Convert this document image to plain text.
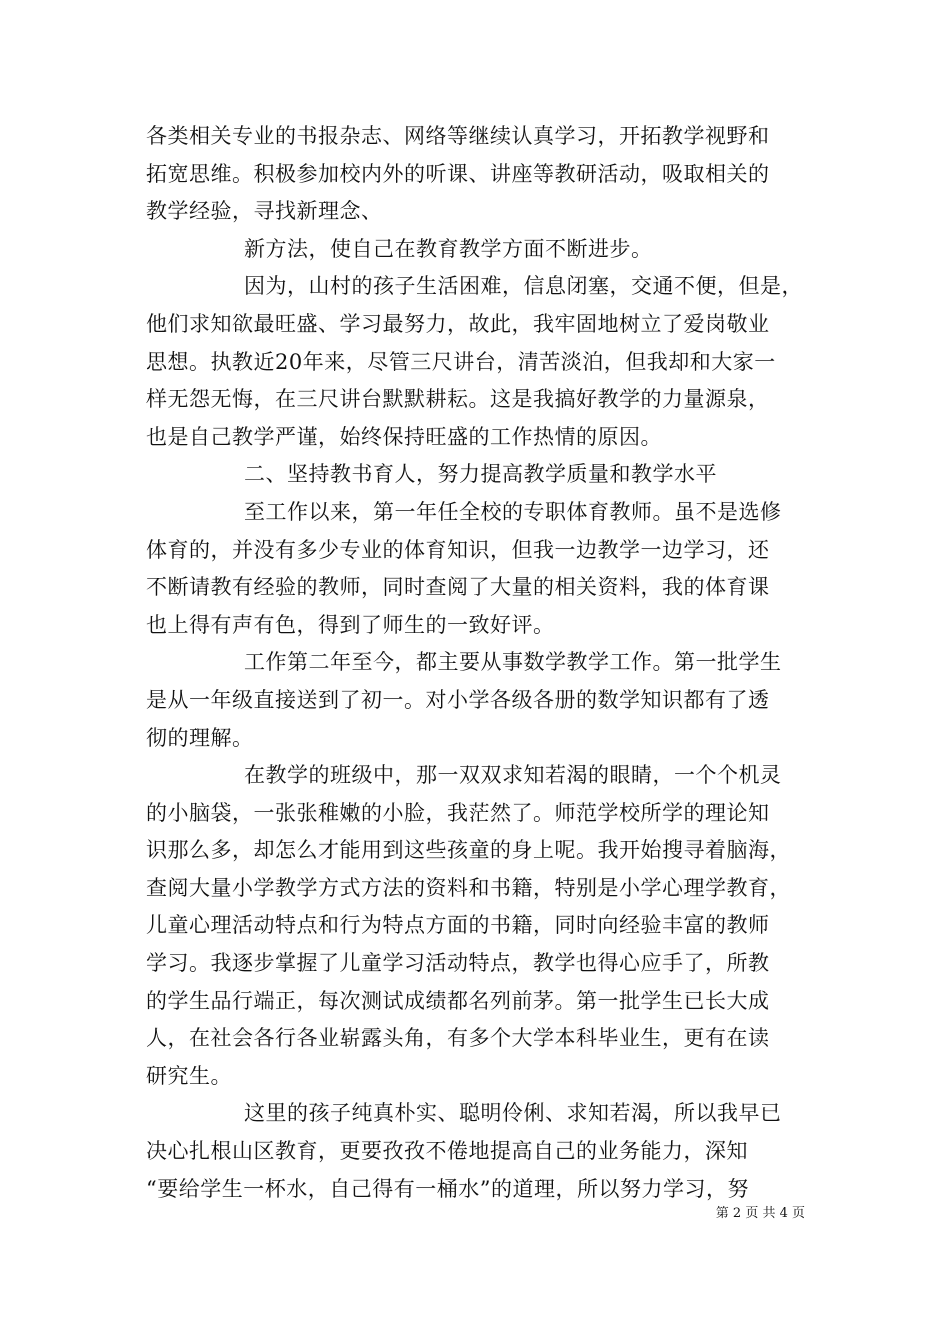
各类相关专业的书报杂志、网络等继续认真学习，开拓教学视野和
拓宽思维。积极参加校内外的听课、讲座等教研活动，吸取相关的
教学经验，寻找新理念、
新方法，使自己在教育教学方面不断进步。
因为，山村的孩子生活困难，信息闭塞，交通不便，但是，
他们求知欲最旺盛、学习最努力，故此，我牢固地树立了爱岗敬业
思想。执教近20年来，尽管三尺讲台，清苦淡泊，但我却和大家一
样无怨无悔，在三尺讲台默默耕耘。这是我搞好教学的力量源泉，
也是自己教学严谨，始终保持旺盛的工作热情的原因。
二、坚持教书育人，努力提高教学质量和教学水平
至工作以来，第一年任全校的专职体育教师。虽不是选修
体育的，并没有多少专业的体育知识，但我一边教学一边学习，还
不断请教有经验的教师，同时查阅了大量的相关资料，我的体育课
也上得有声有色，得到了师生的一致好评。
工作第二年至今，都主要从事数学教学工作。第一批学生
是从一年级直接送到了初一。对小学各级各册的数学知识都有了透
彻的理解。
在教学的班级中，那一双双求知若渴的眼睛，一个个机灵
的小脑袋，一张张稚嫩的小脸，我茫然了。师范学校所学的理论知
识那么多，却怎么才能用到这些孩童的身上呢。我开始搜寻着脑海，
查阅大量小学教学方式方法的资料和书籍，特别是小学心理学教育，
儿童心理活动特点和行为特点方面的书籍，同时向经验丰富的教师
学习。我逐步掌握了儿童学习活动特点，教学也得心应手了，所教
的学生品行端正，每次测试成绩都名列前茅。第一批学生已长大成
人，在社会各行各业崭露头角，有多个大学本科毕业生，更有在读
研究生。
这里的孩子纯真朴实、聪明伶俐、求知若渴，所以我早已
决心扎根山区教育，更要孜孜不倦地提高自己的业务能力，深知
“要给学生一杯水，自己得有一桶水”的道理，所以努力学习，努
第 2 页 共 4 页
